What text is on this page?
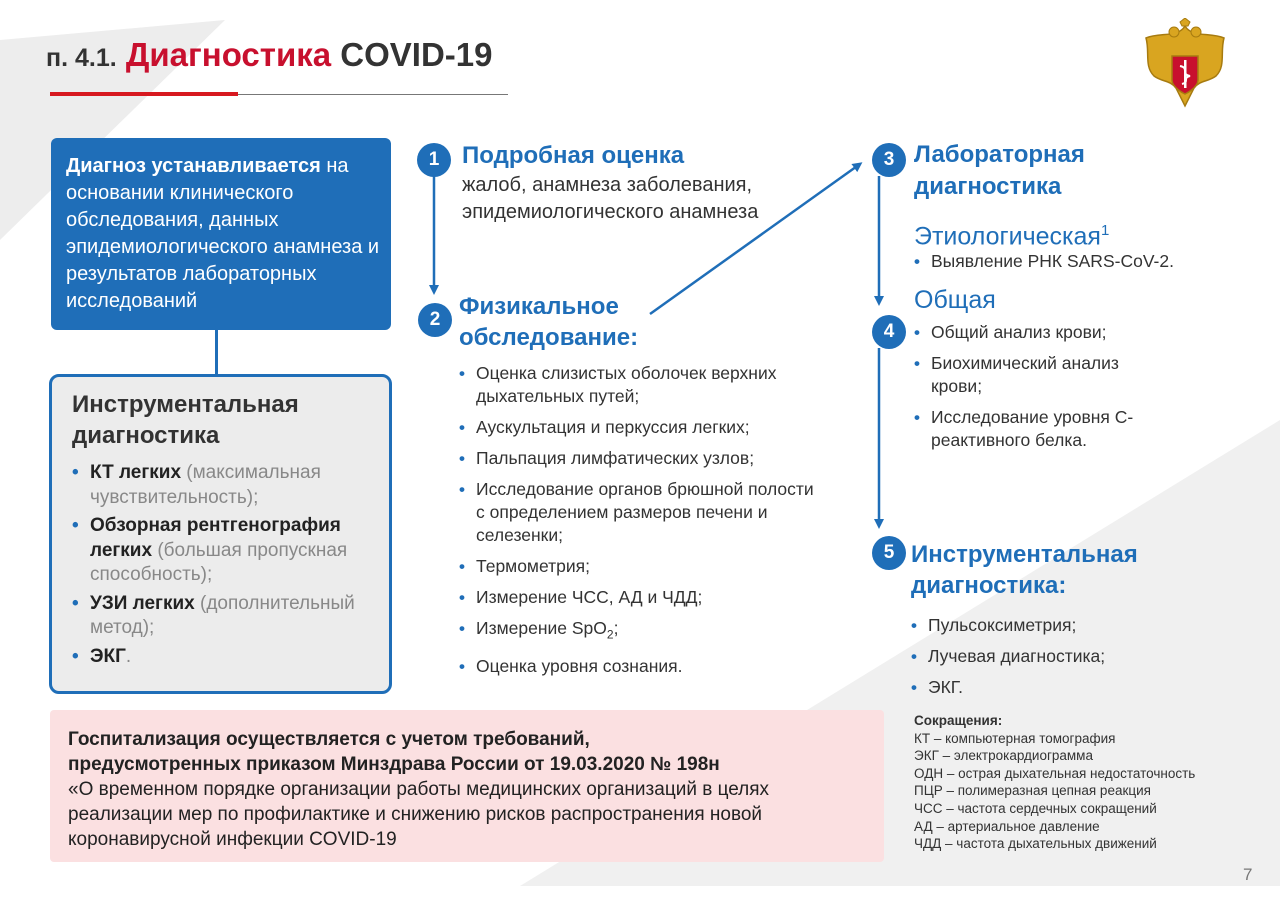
п. 4.1. Диагностика COVID-19
Диагноз устанавливается на основании клинического обследования, данных эпидемиологического анамнеза и результатов лабораторных исследований
Инструментальная диагностика
• КТ легких (максимальная чувствительность);
• Обзорная рентгенография легких (большая пропускная способность);
• УЗИ легких (дополнительный метод);
• ЭКГ.
1 Подробная оценка
жалоб, анамнеза заболевания, эпидемиологического анамнеза
2 Физикальное
обследование:
• Оценка слизистых оболочек верхних дыхательных путей;
• Аускультация и перкуссия легких;
• Пальпация лимфатических узлов;
• Исследование органов брюшной полости с определением размеров печени и селезенки;
• Термометрия;
• Измерение ЧСС, АД и ЧДД;
• Измерение SpO$_2$;
• Оценка уровня сознания.
3 Лабораторная
диагностика
Этиологическая$^1$
• Выявление РНК SARS-CoV-2.
Общая
4	• Общий анализ крови;
• Биохимический анализ крови;
• Исследование уровня С-реактивного белка.
5 Инструментальная
диагностика:
• Пульсоксиметрия;
• Лучевая диагностика;
• ЭКГ.
Госпитализация осуществляется с учетом требований,
предусмотренных приказом Минздрава России от 19.03.2020 № 198н
«О временном порядке организации работы медицинских организаций в целях реализации мер по профилактике и снижению рисков распространения новой коронавирусной инфекции COVID-19
Сокращения:
КТ – компьютерная томография
ЭКГ – электрокардиограмма
ОДН – острая дыхательная недостаточность
ПЦР – полимеразная цепная реакция
ЧСС – частота сердечных сокращений
АД – артериальное давление
ЧДД – частота дыхательных движений
7
